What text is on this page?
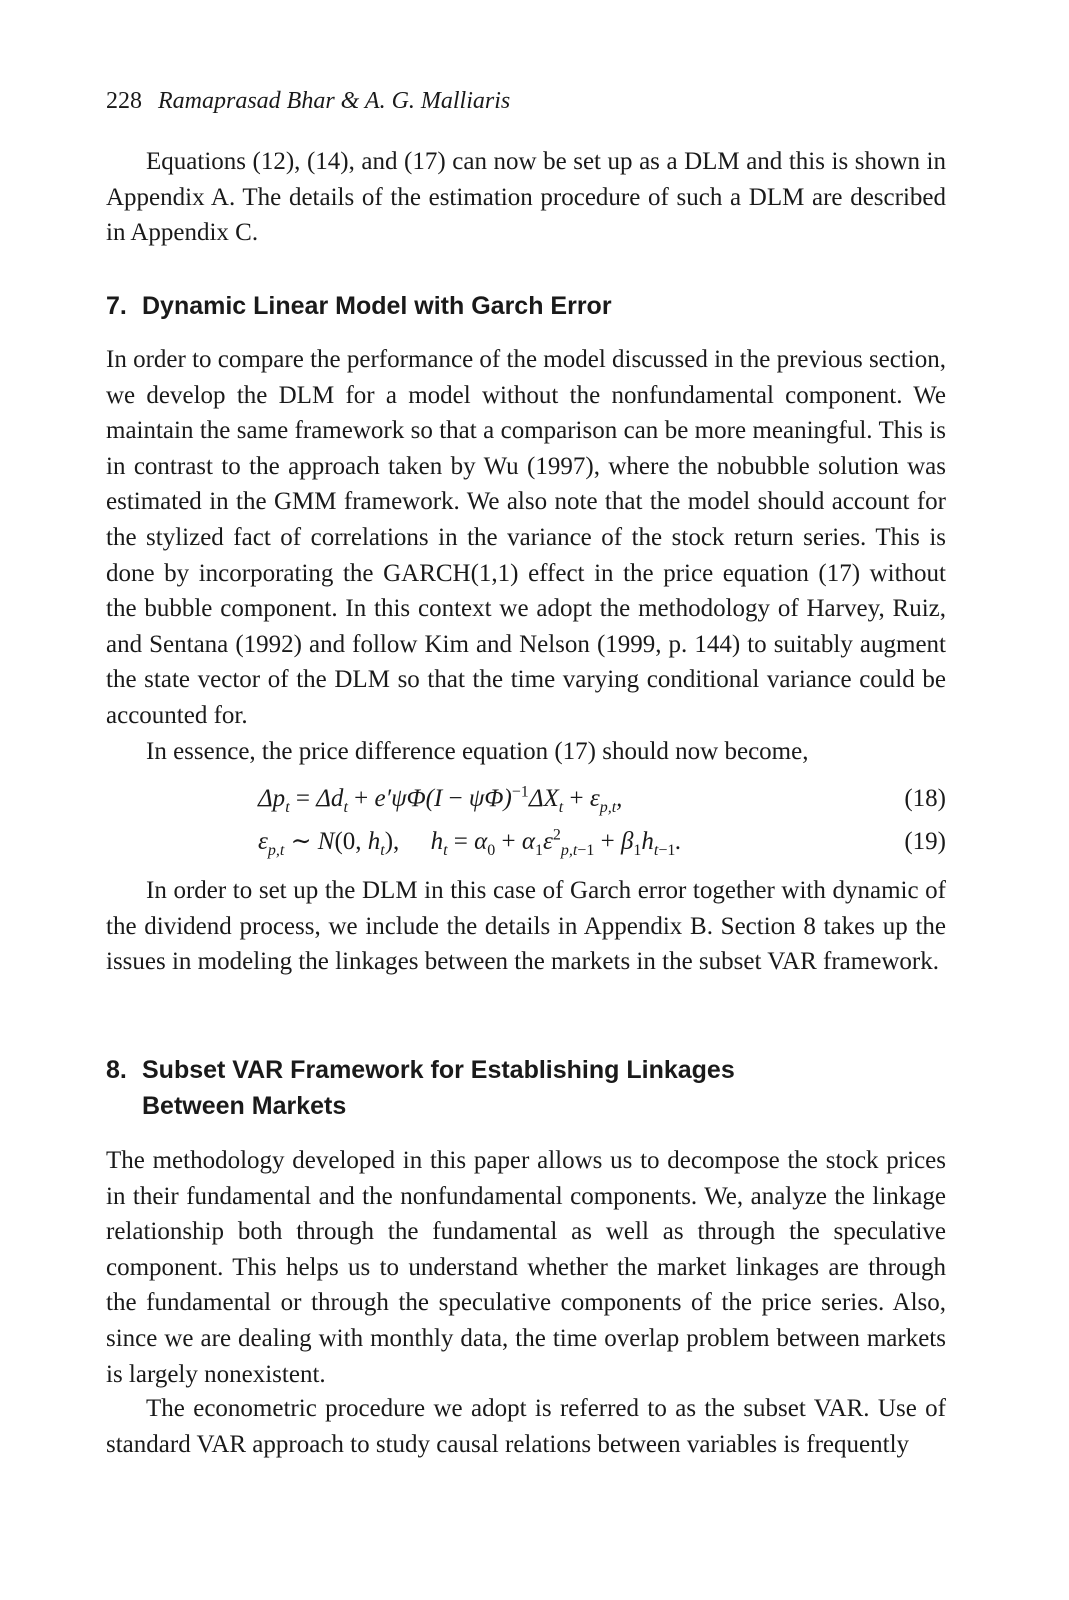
228 Ramaprasad Bhar & A. G. Malliaris

Equations (12), (14), and (17) can now be set up as a DLM and this is shown in Appendix A. The details of the estimation procedure of such a DLM are described in Appendix C.

7. Dynamic Linear Model with Garch Error

In order to compare the performance of the model discussed in the previous section, we develop the DLM for a model without the nonfundamental component. We maintain the same framework so that a comparison can be more meaningful. This is in contrast to the approach taken by Wu (1997), where the nobubble solution was estimated in the GMM framework. We also note that the model should account for the stylized fact of correlations in the variance of the stock return series. This is done by incorporating the GARCH(1,1) effect in the price equation (17) without the bubble component. In this context we adopt the methodology of Harvey, Ruiz, and Sentana (1992) and follow Kim and Nelson (1999, p. 144) to suitably augment the state vector of the DLM so that the time varying conditional variance could be accounted for.

In essence, the price difference equation (17) should now become,

$\Delta p_t = \Delta d_t + e'\psi\Phi(I - \psi\Phi)^{-1}\Delta X_t + \varepsilon_{p,t}$,	(18)
$\varepsilon_{p,t}$ ∼ N(0, $h_t$),     $h_t = \alpha_0 + \alpha_1\varepsilon^2_{p,t-1} + \beta_1h_{t-1}$.	(19)

In order to set up the DLM in this case of Garch error together with dynamic of the dividend process, we include the details in Appendix B. Section 8 takes up the issues in modeling the linkages between the markets in the subset VAR framework.

8. Subset VAR Framework for Establishing Linkages
Between Markets

The methodology developed in this paper allows us to decompose the stock prices in their fundamental and the nonfundamental components. We, analyze the linkage relationship both through the fundamental as well as through the speculative component. This helps us to understand whether the market linkages are through the fundamental or through the speculative components of the price series. Also, since we are dealing with monthly data, the time overlap problem between markets is largely nonexistent.

The econometric procedure we adopt is referred to as the subset VAR. Use of standard VAR approach to study causal relations between variables is frequently
